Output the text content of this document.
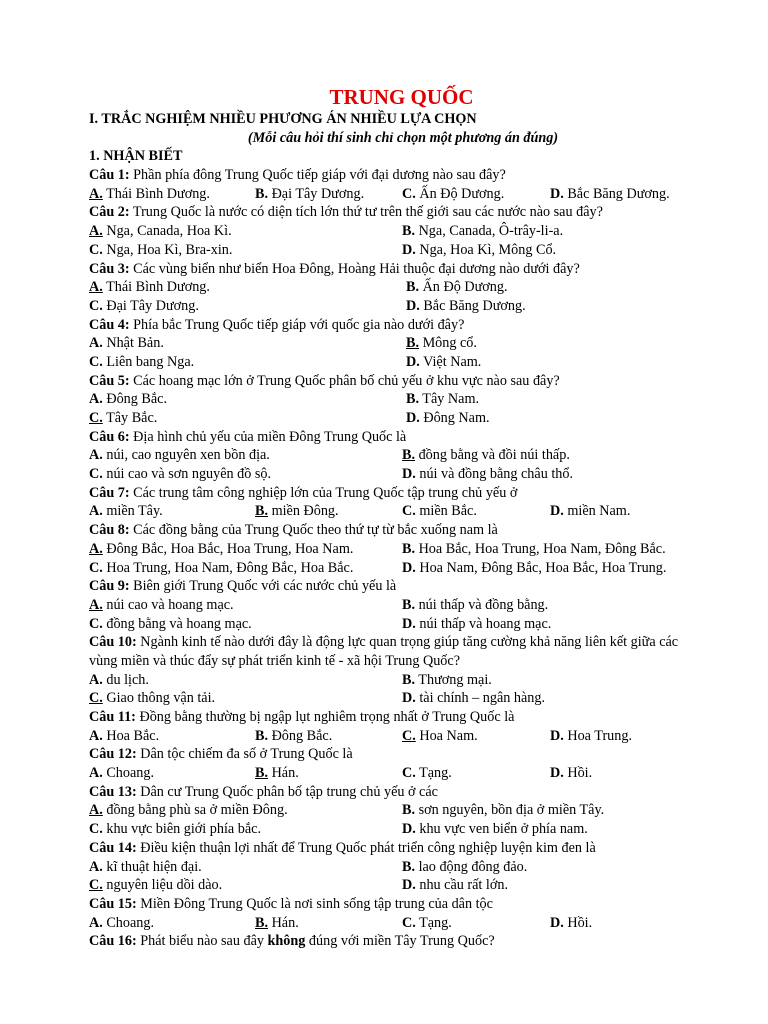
TRUNG QUỐC
I. TRẮC NGHIỆM NHIỀU PHƯƠNG ÁN NHIỀU LỰA CHỌN
(Mỗi câu hỏi thí sinh chỉ chọn một phương án đúng)
1. NHẬN BIẾT
Câu 1: Phần phía đông Trung Quốc tiếp giáp với đại dương nào sau đây?
A. Thái Bình Dương.	B. Đại Tây Dương.	C. Ấn Độ Dương.	D. Bắc Băng Dương.
Câu 2: Trung Quốc là nước có diện tích lớn thứ tư trên thế giới sau các nước nào sau đây?
A. Nga, Canada, Hoa Kì.	B. Nga, Canada, Ô-trây-li-a.
C. Nga, Hoa Kì, Bra-xin.	D. Nga, Hoa Kì, Mông Cổ.
Câu 3: Các vùng biển như biển Hoa Đông, Hoàng Hải thuộc đại dương nào dưới đây?
A. Thái Bình Dương.	B. Ấn Độ Dương.
C. Đại Tây Dương.	D. Bắc Băng Dương.
Câu 4: Phía bắc Trung Quốc tiếp giáp với quốc gia nào dưới đây?
A. Nhật Bản.	B. Mông cổ.
C. Liên bang Nga.	D. Việt Nam.
Câu 5: Các hoang mạc lớn ở Trung Quốc phân bố chủ yếu ở khu vực nào sau đây?
A. Đông Bắc.	B. Tây Nam.
C. Tây Bắc.	D. Đông Nam.
Câu 6: Địa hình chủ yếu của miền Đông Trung Quốc là
A. núi, cao nguyên xen bồn địa.	B. đồng bằng và đồi núi thấp.
C. núi cao và sơn nguyên đồ sộ.	D. núi và đồng bằng châu thổ.
Câu 7: Các trung tâm công nghiệp lớn của Trung Quốc tập trung chủ yếu ở
A. miền Tây.	B. miền Đông.	C. miền Bắc.	D. miền Nam.
Câu 8: Các đồng bằng của Trung Quốc theo thứ tự từ bắc xuống nam là
A. Đông Bắc, Hoa Bắc, Hoa Trung, Hoa Nam.	B. Hoa Bắc, Hoa Trung, Hoa Nam, Đông Bắc.
C. Hoa Trung, Hoa Nam, Đông Bắc, Hoa Bắc.	D. Hoa Nam, Đông Bắc, Hoa Bắc, Hoa Trung.
Câu 9: Biên giới Trung Quốc với các nước chủ yếu là
A. núi cao và hoang mạc.	B. núi thấp và đồng bằng.
C. đồng bằng và hoang mạc.	D. núi thấp và hoang mạc.
Câu 10: Ngành kinh tế nào dưới đây là động lực quan trọng giúp tăng cường khả năng liên kết giữa các
vùng miền và thúc đẩy sự phát triển kinh tế - xã hội Trung Quốc?
A. du lịch.	B. Thương mại.
C. Giao thông vận tải.	D. tài chính – ngân hàng.
Câu 11: Đồng bằng thường bị ngập lụt nghiêm trọng nhất ở Trung Quốc là
A. Hoa Bắc.	B. Đông Bắc.	C. Hoa Nam.	D. Hoa Trung.
Câu 12: Dân tộc chiếm đa số ở Trung Quốc là
A. Choang.	B. Hán.	C. Tạng.	D. Hồi.
Câu 13: Dân cư Trung Quốc phân bố tập trung chủ yếu ở các
A. đồng bằng phù sa ở miền Đông.	B. sơn nguyên, bồn địa ở miền Tây.
C. khu vực biên giới phía bắc.	D. khu vực ven biển ở phía nam.
Câu 14: Điều kiện thuận lợi nhất để Trung Quốc phát triển công nghiệp luyện kim đen là
A. kĩ thuật hiện đại.	B. lao động đông đảo.
C. nguyên liệu dồi dào.	D. nhu cầu rất lớn.
Câu 15: Miền Đông Trung Quốc là nơi sinh sống tập trung của dân tộc
A. Choang.	B. Hán.	C. Tạng.	D. Hồi.
Câu 16: Phát biểu nào sau đây không đúng với miền Tây Trung Quốc?
